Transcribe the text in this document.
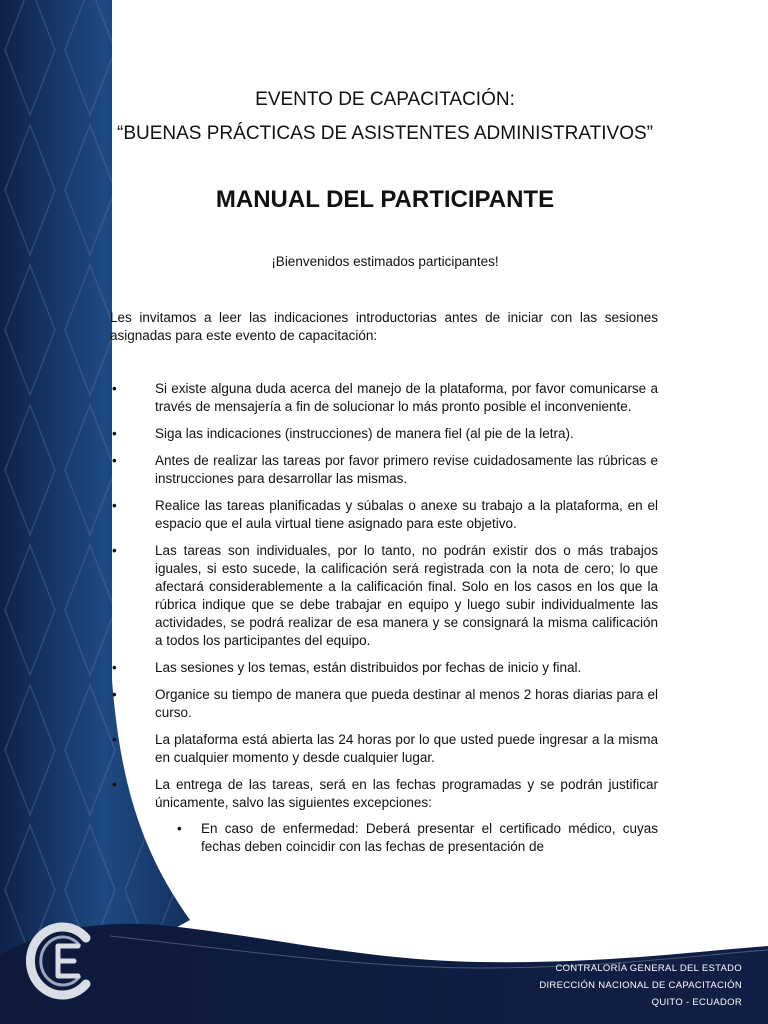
EVENTO DE CAPACITACIÓN:
“BUENAS PRÁCTICAS DE ASISTENTES ADMINISTRATIVOS”
MANUAL DEL PARTICIPANTE
¡Bienvenidos estimados participantes!

Les invitamos a leer las indicaciones introductorias antes de iniciar con las sesiones asignadas para este evento de capacitación:

•	Si existe alguna duda acerca del manejo de la plataforma, por favor comunicarse a través de mensajería a fin de solucionar lo más pronto posible el inconveniente.
•	Siga las indicaciones (instrucciones) de manera fiel (al pie de la letra).
•	Antes de realizar las tareas por favor primero revise cuidadosamente las rúbricas e instrucciones para desarrollar las mismas.
•	Realice las tareas planificadas y súbalas o anexe su trabajo a la plataforma, en el espacio que el aula virtual tiene asignado para este objetivo.
•	Las tareas son individuales, por lo tanto, no podrán existir dos o más trabajos iguales, si esto sucede, la calificación será registrada con la nota de cero; lo que afectará considerablemente a la calificación final. Solo en los casos en los que la rúbrica indique que se debe trabajar en equipo y luego subir individualmente las actividades, se podrá realizar de esa manera y se consignará la misma calificación a todos los participantes del equipo.
•	Las sesiones y los temas, están distribuidos por fechas de inicio y final.
•	Organice su tiempo de manera que pueda destinar al menos 2 horas diarias para el curso.
•	La plataforma está abierta las 24 horas por lo que usted puede ingresar a la misma en cualquier momento y desde cualquier lugar.
•	La entrega de las tareas, será en las fechas programadas y se podrán justificar únicamente, salvo las siguientes excepciones:
• En caso de enfermedad: Deberá presentar el certificado médico, cuyas fechas deben coincidir con las fechas de presentación de
CONTRALORÍA GENERAL DEL ESTADO
DIRECCIÓN NACIONAL DE CAPACITACIÓN
QUITO - ECUADOR
